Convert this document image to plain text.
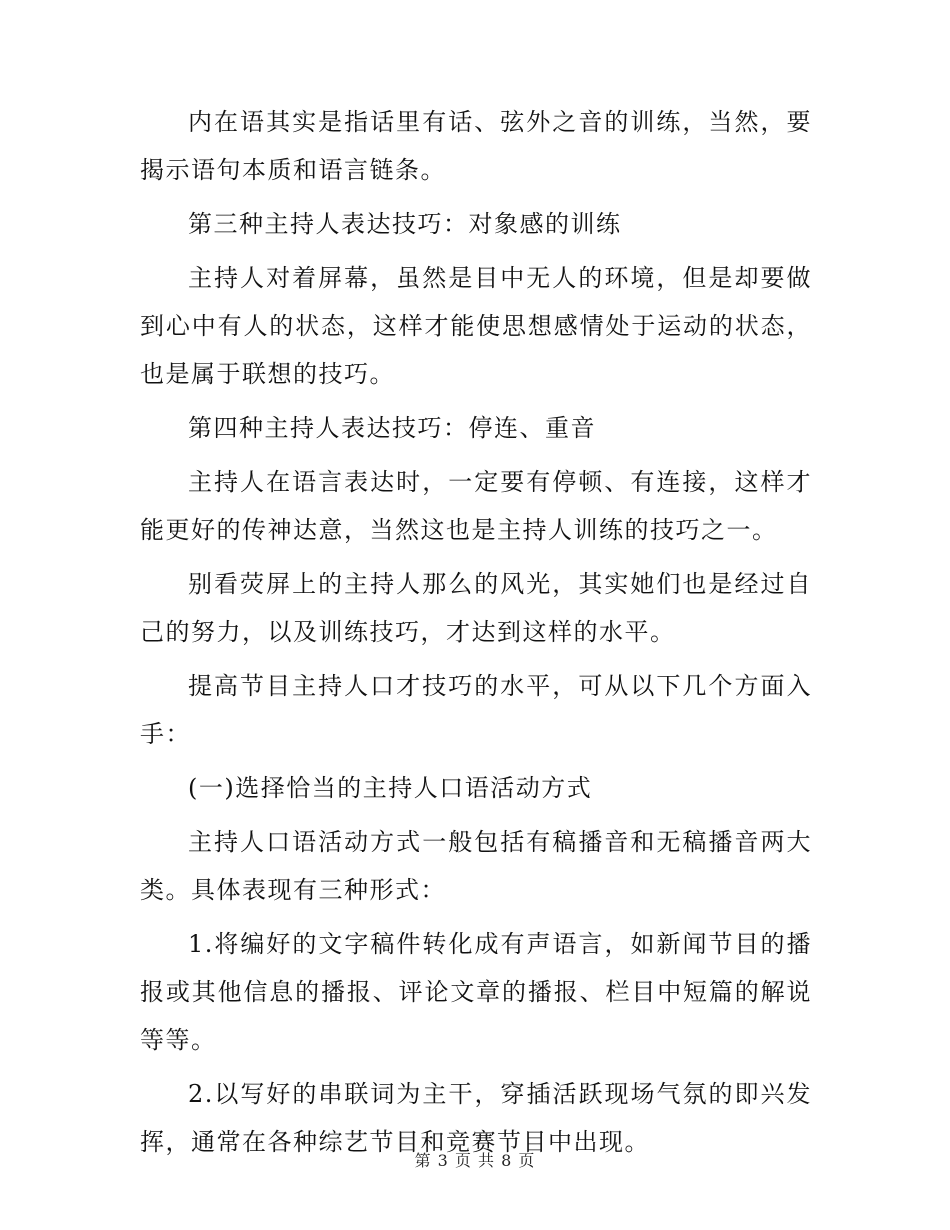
内在语其实是指话里有话、弦外之音的训练，当然，要揭示语句本质和语言链条。

第三种主持人表达技巧：对象感的训练

主持人对着屏幕，虽然是目中无人的环境，但是却要做到心中有人的状态，这样才能使思想感情处于运动的状态，也是属于联想的技巧。

第四种主持人表达技巧：停连、重音

主持人在语言表达时，一定要有停顿、有连接，这样才能更好的传神达意，当然这也是主持人训练的技巧之一。

别看荧屏上的主持人那么的风光，其实她们也是经过自己的努力，以及训练技巧，才达到这样的水平。

提高节目主持人口才技巧的水平，可从以下几个方面入手：

(一)选择恰当的主持人口语活动方式

主持人口语活动方式一般包括有稿播音和无稿播音两大类。具体表现有三种形式：

1.将编好的文字稿件转化成有声语言，如新闻节目的播报或其他信息的播报、评论文章的播报、栏目中短篇的解说等等。

2.以写好的串联词为主干，穿插活跃现场气氛的即兴发挥，通常在各种综艺节目和竞赛节目中出现。

第 3 页 共 8 页
